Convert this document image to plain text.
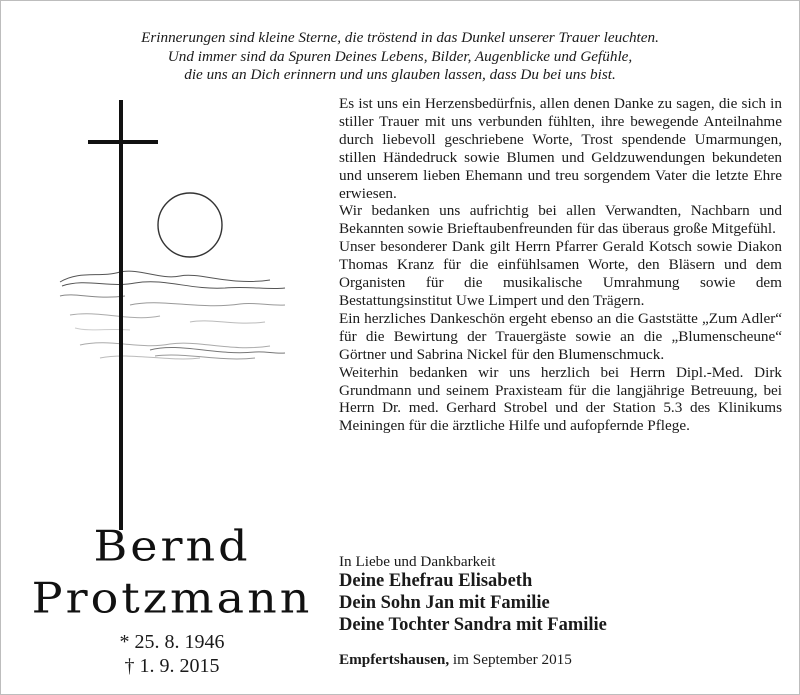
Erinnerungen sind kleine Sterne, die tröstend in das Dunkel unserer Trauer leuchten.
Und immer sind da Spuren Deines Lebens, Bilder, Augenblicke und Gefühle,
die uns an Dich erinnern und uns glauben lassen, dass Du bei uns bist.
Bernd
Protzmann
* 25. 8. 1946
† 1. 9. 2015

Es ist uns ein Herzensbedürfnis, allen denen Danke zu sagen, die sich in stiller Trauer mit uns verbunden fühlten, ihre bewegende Anteilnahme durch liebevoll geschriebene Worte, Trost spendende Umarmungen, stillen Händedruck sowie Blumen und Geldzuwendungen bekundeten und unserem lieben Ehemann und treu sorgendem Vater die letzte Ehre erwiesen.

Wir bedanken uns aufrichtig bei allen Verwandten, Nachbarn und Bekannten sowie Brieftaubenfreunden für das überaus große Mitgefühl.

Unser besonderer Dank gilt Herrn Pfarrer Gerald Kotsch sowie Diakon Thomas Kranz für die einfühlsamen Worte, den Bläsern und dem Organisten für die musikalische Umrahmung sowie dem Bestattungsinstitut Uwe Limpert und den Trägern.

Ein herzliches Dankeschön ergeht ebenso an die Gaststätte „Zum Adler“ für die Bewirtung der Trauergäste sowie an die „Blumenscheune“ Görtner und Sabrina Nickel für den Blumenschmuck.

Weiterhin bedanken wir uns herzlich bei Herrn Dipl.-Med. Dirk Grundmann und seinem Praxisteam für die langjährige Betreuung, bei Herrn Dr. med. Gerhard Strobel und der Station 5.3 des Klinikums Meiningen für die ärztliche Hilfe und aufopfernde Pflege.

In Liebe und Dankbarkeit
Deine Ehefrau Elisabeth
Dein Sohn Jan mit Familie
Deine Tochter Sandra mit Familie
Empfertshausen, im September 2015
